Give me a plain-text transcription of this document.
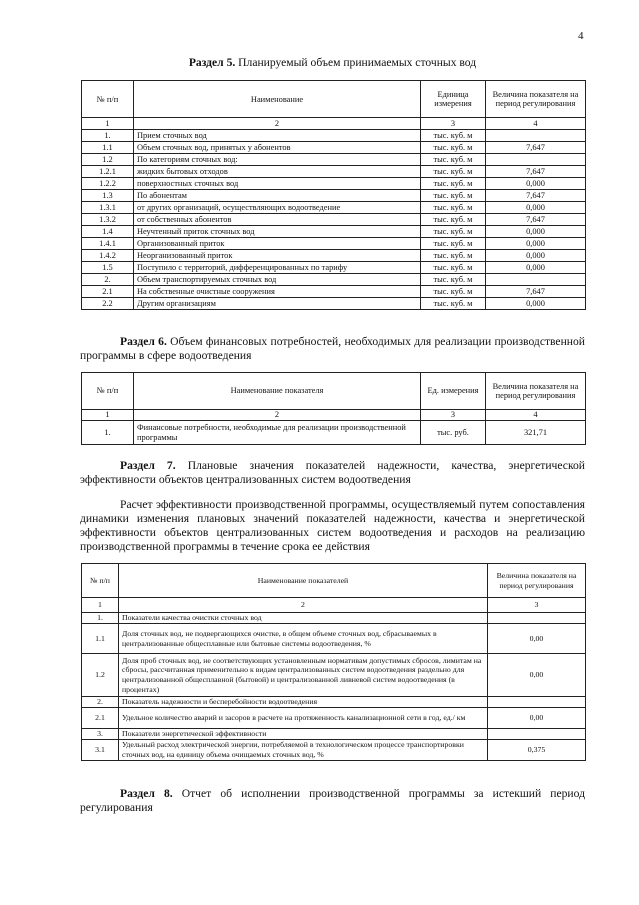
4

Раздел 5. Планируемый объем принимаемых сточных вод

№ п/п	Наименование	Единица измерения	Величина показателя на период регулирования
1	2	3	4
1.	Прием сточных вод	тыс. куб. м	
1.1	Объем сточных вод, принятых у абонентов	тыс. куб. м	7,647
1.2	По категориям сточных вод:	тыс. куб. м	
1.2.1	жидких бытовых отходов	тыс. куб. м	7,647
1.2.2	поверхностных сточных вод	тыс. куб. м	0,000
1.3	По абонентам	тыс. куб. м	7,647
1.3.1	от других организаций, осуществляющих водоотведение	тыс. куб. м	0,000
1.3.2	от собственных абонентов	тыс. куб. м	7,647
1.4	Неучтенный приток сточных вод	тыс. куб. м	0,000
1.4.1	Организованный приток	тыс. куб. м	0,000
1.4.2	Неорганизованный приток	тыс. куб. м	0,000
1.5	Поступило с территорий, дифференцированных по тарифу	тыс. куб. м	0,000
2.	Объем транспортируемых сточных вод	тыс. куб. м	
2.1	На собственные очистные сооружения	тыс. куб. м	7,647
2.2	Другим организациям	тыс. куб. м	0,000

Раздел 6. Объем финансовых потребностей, необходимых для реализации производственной программы в сфере водоотведения

№ п/п	Наименование показателя	Ед. измерения	Величина показателя на период регулирования
1	2	3	4
1.	Финансовые потребности, необходимые для реализации производственной программы	тыс. руб.	321,71

Раздел 7. Плановые значения показателей надежности, качества, энергетической эффективности объектов централизованных систем водоотведения

Расчет эффективности производственной программы, осуществляемый путем сопоставления динамики изменения плановых значений показателей надежности, качества и энергетической эффективности объектов централизованных систем водоотведения и расходов на реализацию производственной программы в течение срока ее действия

№ п/п	Наименование показателей	Величина показателя на период регулирования
1	2	3
1.	Показатели качества очистки сточных вод	
1.1	Доля сточных вод, не подвергающихся очистке, в общем объеме сточных вод, сбрасываемых в централизованные общесплавные или бытовые системы водоотведения, %	0,00
1.2	Доля проб сточных вод, не соответствующих установленным нормативам допустимых сбросов, лимитам на сбросы, рассчитанная применительно к видам централизованных систем водоотведения раздельно для централизованной общесплавной (бытовой) и централизованной ливневой систем водоотведения (в процентах)	0,00
2.	Показатель надежности и бесперебойности водоотведения	
2.1	Удельное количество аварий и засоров в расчете на протяженность канализационной сети в год, ед./ км	0,00
3.	Показатели энергетической эффективности	
3.1	Удельный расход электрической энергии, потребляемой в технологическом процессе транспортировки сточных вод, на единицу объема очищаемых сточных вод, %	0,375

Раздел 8. Отчет об исполнении производственной программы за истекший период регулирования
